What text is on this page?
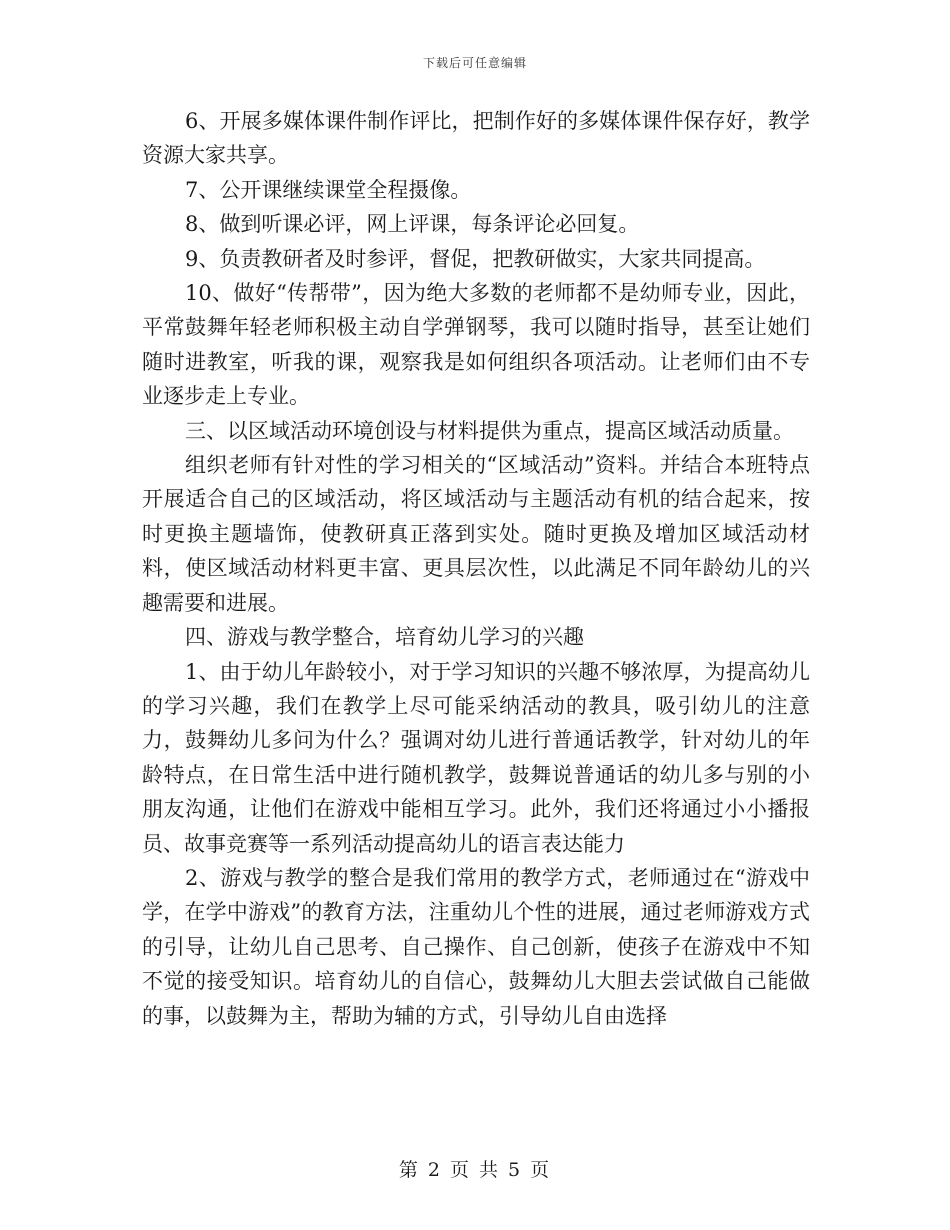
下载后可任意编辑

6、开展多媒体课件制作评比，把制作好的多媒体课件保存好，教学资源大家共享。

7、公开课继续课堂全程摄像。

8、做到听课必评，网上评课，每条评论必回复。

9、负责教研者及时参评，督促，把教研做实，大家共同提高。

10、做好“传帮带”，因为绝大多数的老师都不是幼师专业，因此，平常鼓舞年轻老师积极主动自学弹钢琴，我可以随时指导，甚至让她们随时进教室，听我的课，观察我是如何组织各项活动。让老师们由不专业逐步走上专业。

三、以区域活动环境创设与材料提供为重点，提高区域活动质量。

组织老师有针对性的学习相关的“区域活动”资料。并结合本班特点开展适合自己的区域活动，将区域活动与主题活动有机的结合起来，按时更换主题墙饰，使教研真正落到实处。随时更换及增加区域活动材料，使区域活动材料更丰富、更具层次性，以此满足不同年龄幼儿的兴趣需要和进展。

四、游戏与教学整合，培育幼儿学习的兴趣

1、由于幼儿年龄较小，对于学习知识的兴趣不够浓厚，为提高幼儿的学习兴趣，我们在教学上尽可能采纳活动的教具，吸引幼儿的注意力，鼓舞幼儿多问为什么？强调对幼儿进行普通话教学，针对幼儿的年龄特点，在日常生活中进行随机教学，鼓舞说普通话的幼儿多与别的小朋友沟通，让他们在游戏中能相互学习。此外，我们还将通过小小播报员、故事竞赛等一系列活动提高幼儿的语言表达能力

2、游戏与教学的整合是我们常用的教学方式，老师通过在“游戏中学，在学中游戏”的教育方法，注重幼儿个性的进展，通过老师游戏方式的引导，让幼儿自己思考、自己操作、自己创新，使孩子在游戏中不知不觉的接受知识。培育幼儿的自信心，鼓舞幼儿大胆去尝试做自己能做的事，以鼓舞为主，帮助为辅的方式，引导幼儿自由选择

第 2 页 共 5 页
